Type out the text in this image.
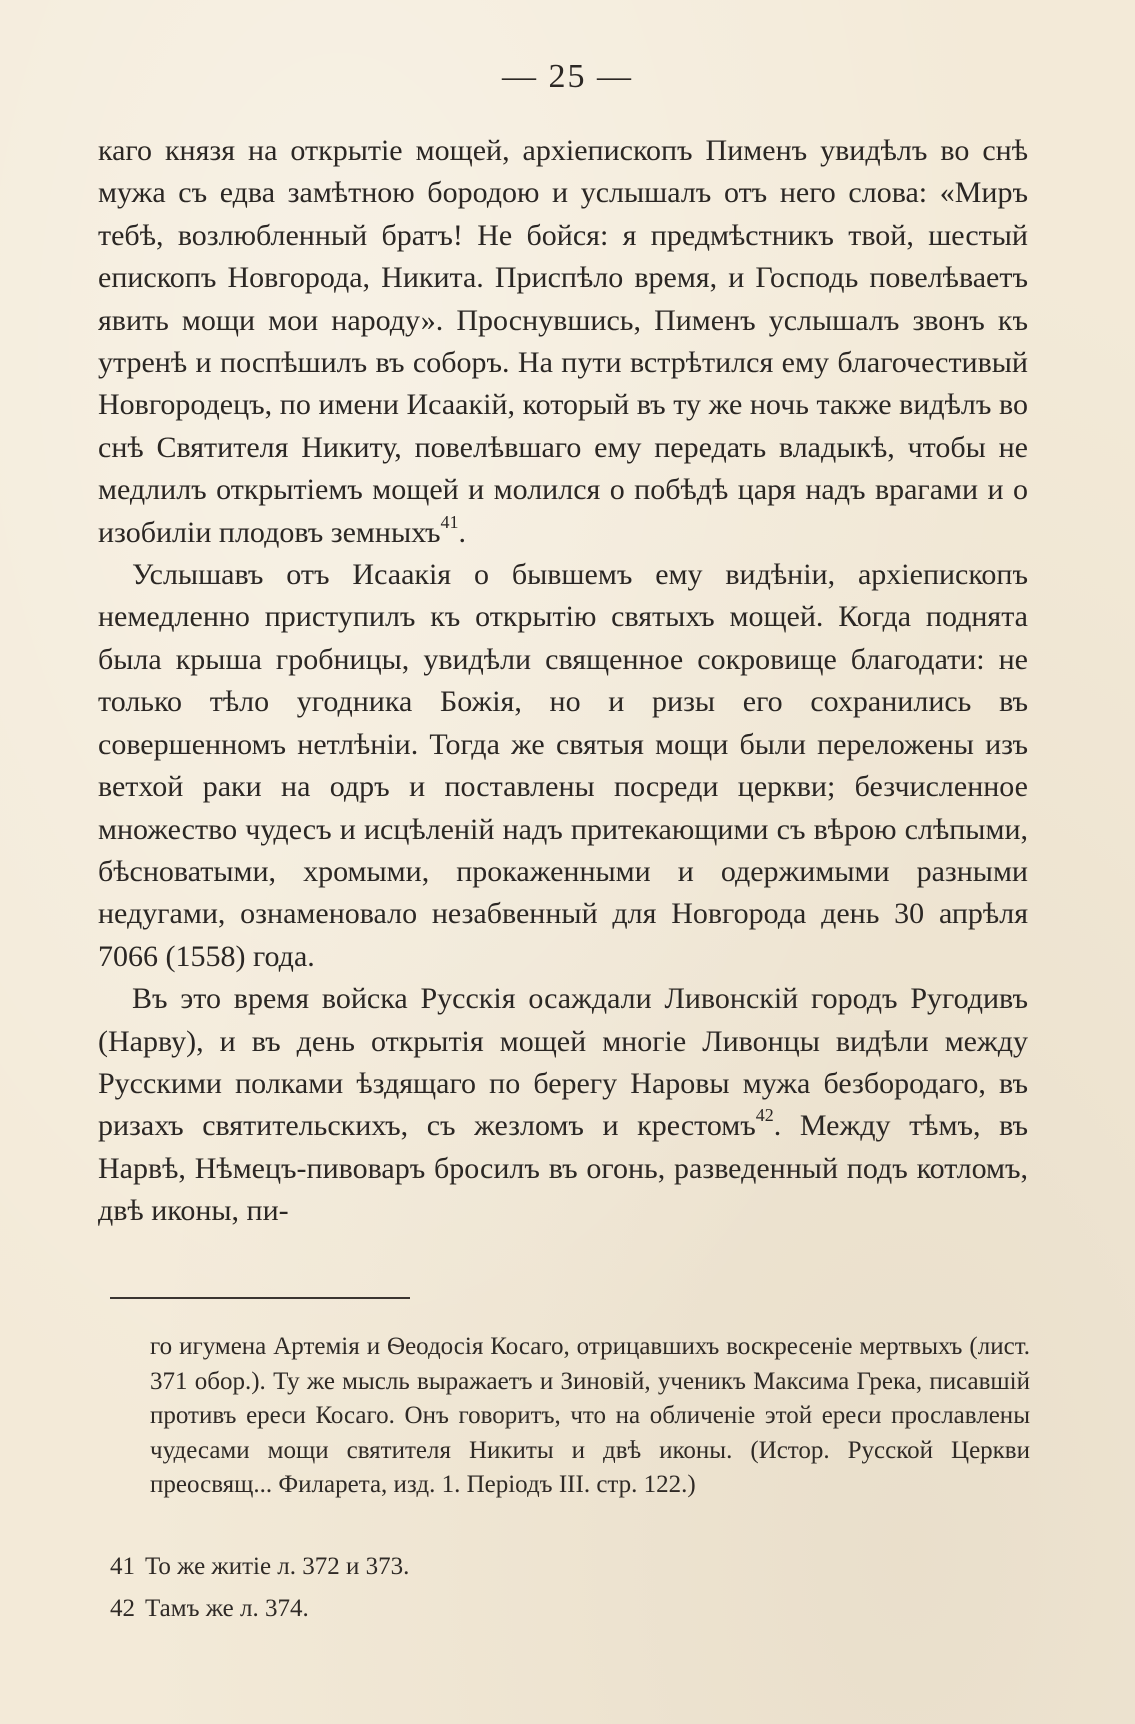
— 25 —

каго князя на открытіе мощей, архіепископъ Пименъ увидѣлъ во снѣ мужа съ едва замѣтною бородою и услышалъ отъ него слова: «Миръ тебѣ, возлюбленный братъ! Не бойся: я предмѣстникъ твой, шестый епископъ Новгорода, Никита. Приспѣло время, и Господь повелѣваетъ явить мощи мои народу». Проснувшись, Пименъ услышалъ звонъ къ утренѣ и поспѣшилъ въ соборъ. На пути встрѣтился ему благочестивый Новгородецъ, по имени Исаакій, который въ ту же ночь также видѣлъ во снѣ Святителя Никиту, повелѣвшаго ему передать владыкѣ, чтобы не медлилъ открытіемъ мощей и молился о побѣдѣ царя надъ врагами и о изобиліи плодовъ земныхъ$^{41}$.

Услышавъ отъ Исаакія о бывшемъ ему видѣніи, архіепископъ немедленно приступилъ къ открытію святыхъ мощей. Когда поднята была крыша гробницы, увидѣли священное сокровище благодати: не только тѣло угодника Божія, но и ризы его сохранились въ совершенномъ нетлѣніи. Тогда же святыя мощи были переложены изъ ветхой раки на одръ и поставлены посреди церкви; безчисленное множество чудесъ и исцѣленій надъ притекающими съ вѣрою слѣпыми, бѣсноватыми, хромыми, прокаженными и одержимыми разными недугами, ознаменовало незабвенный для Новгорода день 30 апрѣля 7066 (1558) года.

Въ это время войска Русскія осаждали Ливонскій городъ Ругодивъ (Нарву), и въ день открытія мощей многіе Ливонцы видѣли между Русскими полками ѣздящаго по берегу Наровы мужа безбородаго, въ ризахъ святительскихъ, съ жезломъ и крестомъ$^{42}$. Между тѣмъ, въ Нарвѣ, Нѣмецъ-пивоваръ бросилъ въ огонь, разведенный подъ котломъ, двѣ иконы, пи-

го игумена Артемія и Ѳеодосія Косаго, отрицавшихъ воскресеніе мертвыхъ (лист. 371 обор.). Ту же мысль выражаетъ и Зиновій, ученикъ Максима Грека, писавшій противъ ереси Косаго. Онъ говоритъ, что на обличеніе этой ереси прославлены чудесами мощи святителя Никиты и двѣ иконы. (Истор. Русской Церкви преосвящ... Филарета, изд. 1. Періодъ III. стр. 122.)

41 То же житіе л. 372 и 373.
42 Тамъ же л. 374.
